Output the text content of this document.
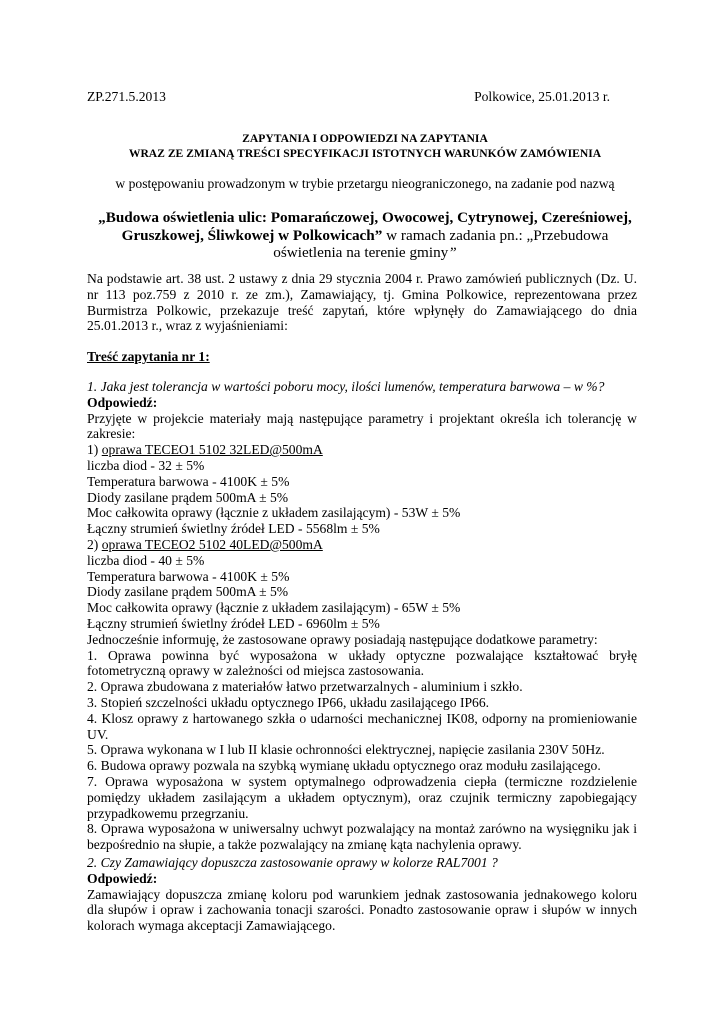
ZP.271.5.2013	Polkowice, 25.01.2013 r.
ZAPYTANIA I ODPOWIEDZI NA ZAPYTANIA
WRAZ ZE ZMIANĄ TREŚCI SPECYFIKACJI ISTOTNYCH WARUNKÓW ZAMÓWIENIA
w postępowaniu prowadzonym w trybie przetargu nieograniczonego, na zadanie pod nazwą
„Budowa oświetlenia ulic: Pomarańczowej, Owocowej, Cytrynowej, Czereśniowej, Gruszkowej, Śliwkowej w Polkowicach” w ramach zadania pn.: „Przebudowa oświetlenia na terenie gminy”
Na podstawie art. 38 ust. 2 ustawy z dnia 29 stycznia 2004 r. Prawo zamówień publicznych (Dz. U. nr 113 poz.759 z 2010 r. ze zm.), Zamawiający, tj. Gmina Polkowice, reprezentowana przez Burmistrza Polkowic, przekazuje treść zapytań, które wpłynęły do Zamawiającego do dnia 25.01.2013 r., wraz z wyjaśnieniami:
Treść zapytania nr 1:
1. Jaka jest tolerancja w wartości poboru mocy, ilości lumenów, temperatura barwowa – w %?
Odpowiedź:
Przyjęte w projekcie materiały mają następujące parametry i projektant określa ich tolerancję w zakresie:
1) oprawa TECEO1 5102 32LED@500mA
liczba diod - 32 ± 5%
Temperatura barwowa - 4100K ± 5%
Diody zasilane prądem 500mA ± 5%
Moc całkowita oprawy (łącznie z układem zasilającym) - 53W ± 5%
Łączny strumień świetlny źródeł LED - 5568lm ± 5%
2) oprawa TECEO2 5102 40LED@500mA
liczba diod - 40 ± 5%
Temperatura barwowa - 4100K ± 5%
Diody zasilane prądem 500mA ± 5%
Moc całkowita oprawy (łącznie z układem zasilającym) - 65W ± 5%
Łączny strumień świetlny źródeł LED - 6960lm ± 5%
Jednocześnie informuję, że zastosowane oprawy posiadają następujące dodatkowe parametry:
1. Oprawa powinna być wyposażona w układy optyczne pozwalające kształtować bryłę fotometryczną oprawy w zależności od miejsca zastosowania.
2. Oprawa zbudowana z materiałów łatwo przetwarzalnych - aluminium i szkło.
3. Stopień szczelności układu optycznego IP66, układu zasilającego IP66.
4. Klosz oprawy z hartowanego szkła o udarności mechanicznej IK08, odporny na promieniowanie UV.
5. Oprawa wykonana w I lub II klasie ochronności elektrycznej, napięcie zasilania 230V 50Hz.
6. Budowa oprawy pozwala na szybką wymianę układu optycznego oraz modułu zasilającego.
7. Oprawa wyposażona w system optymalnego odprowadzenia ciepła (termiczne rozdzielenie pomiędzy układem zasilającym a układem optycznym), oraz czujnik termiczny zapobiegający przypadkowemu przegrzaniu.
8. Oprawa wyposażona w uniwersalny uchwyt pozwalający na montaż zarówno na wysięgniku jak i bezpośrednio na słupie, a także pozwalający na zmianę kąta nachylenia oprawy.
2. Czy Zamawiający dopuszcza zastosowanie oprawy w kolorze RAL7001 ?
Odpowiedź:
Zamawiający dopuszcza zmianę koloru pod warunkiem jednak zastosowania jednakowego koloru dla słupów i opraw i zachowania tonacji szarości. Ponadto zastosowanie opraw i słupów w innych kolorach wymaga akceptacji Zamawiającego.
